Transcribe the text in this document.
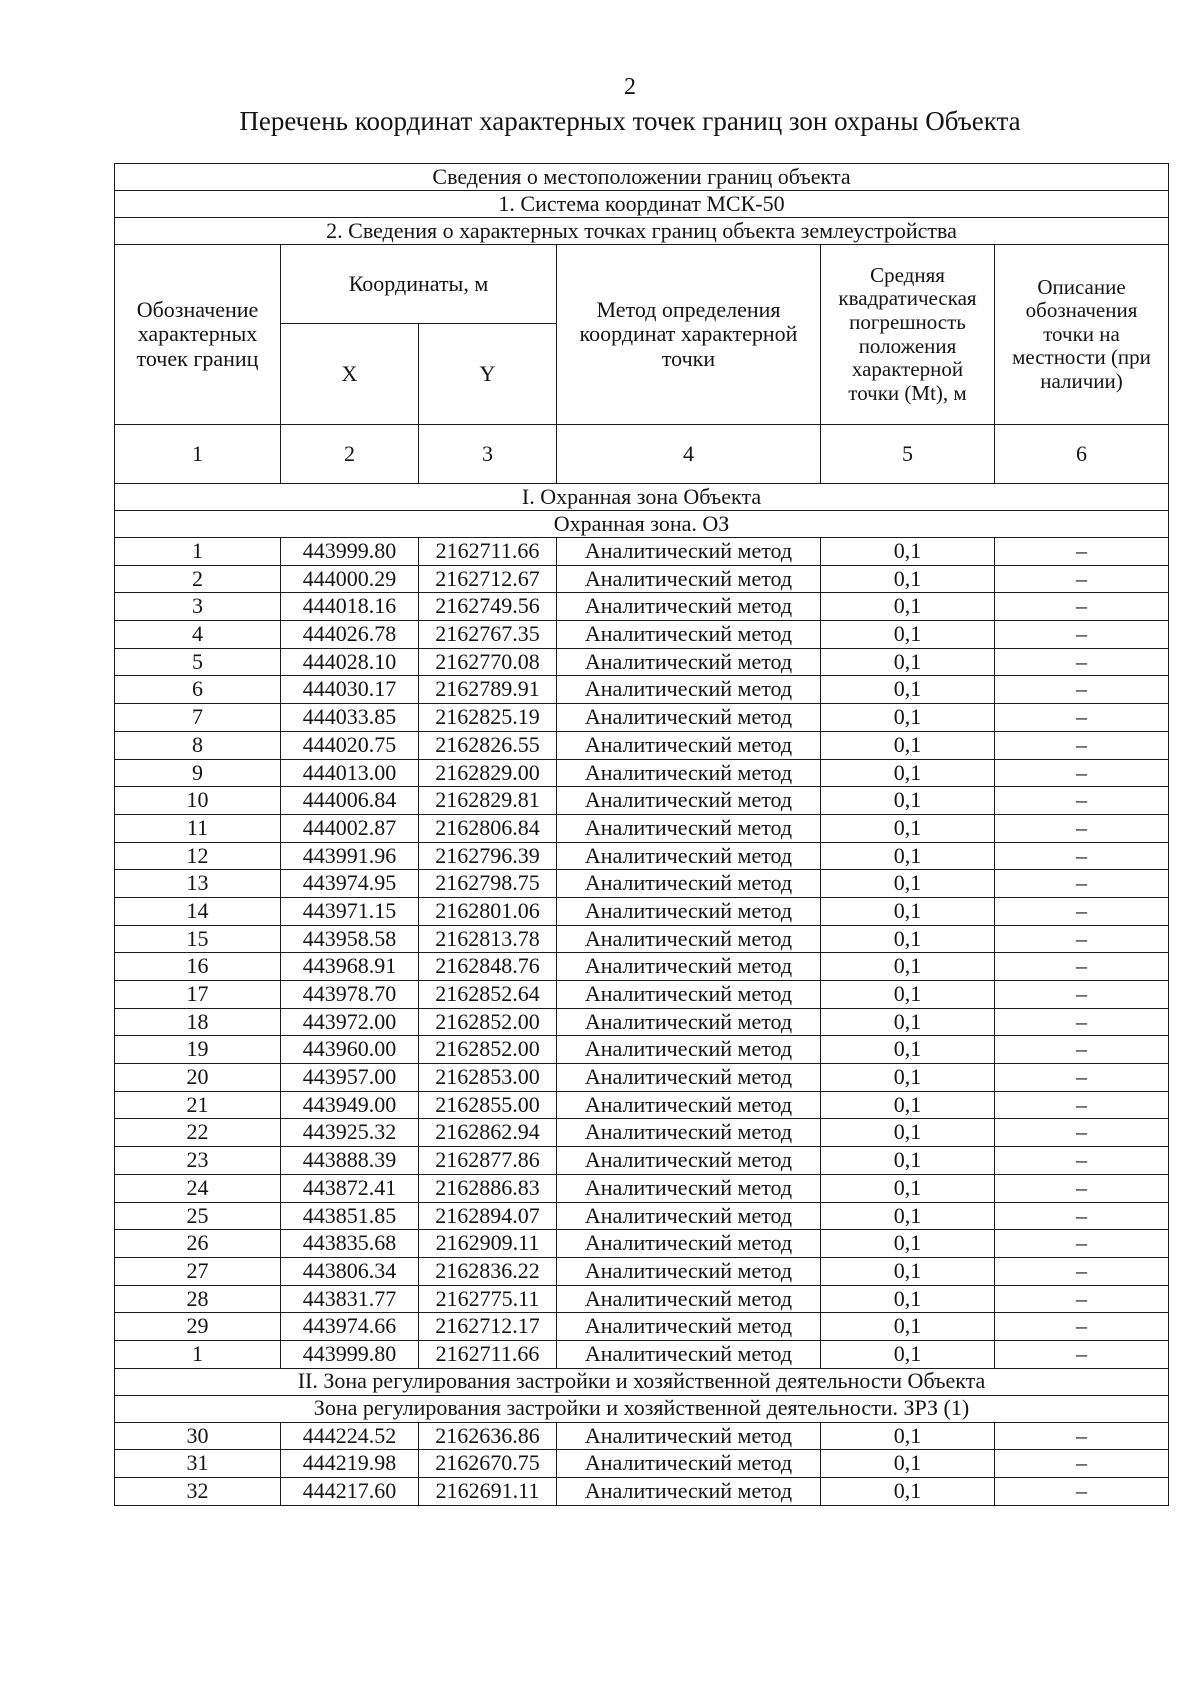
2
Перечень координат характерных точек границ зон охраны Объекта
Сведения о местоположении границ объекта					
1. Система координат МСК-50					
2. Сведения о характерных точках границ объекта землеустройства					
Обозначение характерных точек границ	Координаты, м		Метод определения координат характерной точки	Средняя квадратическая погрешность положения характерной точки (Mt), м	Описание обозначения точки на местности (при наличии)
	X	Y			
1	2	3	4	5	6
I. Охранная зона Объекта					
Охранная зона. ОЗ					
1	443999.80	2162711.66	Аналитический метод	0,1	–
2	444000.29	2162712.67	Аналитический метод	0,1	–
3	444018.16	2162749.56	Аналитический метод	0,1	–
4	444026.78	2162767.35	Аналитический метод	0,1	–
5	444028.10	2162770.08	Аналитический метод	0,1	–
6	444030.17	2162789.91	Аналитический метод	0,1	–
7	444033.85	2162825.19	Аналитический метод	0,1	–
8	444020.75	2162826.55	Аналитический метод	0,1	–
9	444013.00	2162829.00	Аналитический метод	0,1	–
10	444006.84	2162829.81	Аналитический метод	0,1	–
11	444002.87	2162806.84	Аналитический метод	0,1	–
12	443991.96	2162796.39	Аналитический метод	0,1	–
13	443974.95	2162798.75	Аналитический метод	0,1	–
14	443971.15	2162801.06	Аналитический метод	0,1	–
15	443958.58	2162813.78	Аналитический метод	0,1	–
16	443968.91	2162848.76	Аналитический метод	0,1	–
17	443978.70	2162852.64	Аналитический метод	0,1	–
18	443972.00	2162852.00	Аналитический метод	0,1	–
19	443960.00	2162852.00	Аналитический метод	0,1	–
20	443957.00	2162853.00	Аналитический метод	0,1	–
21	443949.00	2162855.00	Аналитический метод	0,1	–
22	443925.32	2162862.94	Аналитический метод	0,1	–
23	443888.39	2162877.86	Аналитический метод	0,1	–
24	443872.41	2162886.83	Аналитический метод	0,1	–
25	443851.85	2162894.07	Аналитический метод	0,1	–
26	443835.68	2162909.11	Аналитический метод	0,1	–
27	443806.34	2162836.22	Аналитический метод	0,1	–
28	443831.77	2162775.11	Аналитический метод	0,1	–
29	443974.66	2162712.17	Аналитический метод	0,1	–
1	443999.80	2162711.66	Аналитический метод	0,1	–
II. Зона регулирования застройки и хозяйственной деятельности Объекта					
Зона регулирования застройки и хозяйственной деятельности. ЗРЗ (1)					
30	444224.52	2162636.86	Аналитический метод	0,1	–
31	444219.98	2162670.75	Аналитический метод	0,1	–
32	444217.60	2162691.11	Аналитический метод	0,1	–
